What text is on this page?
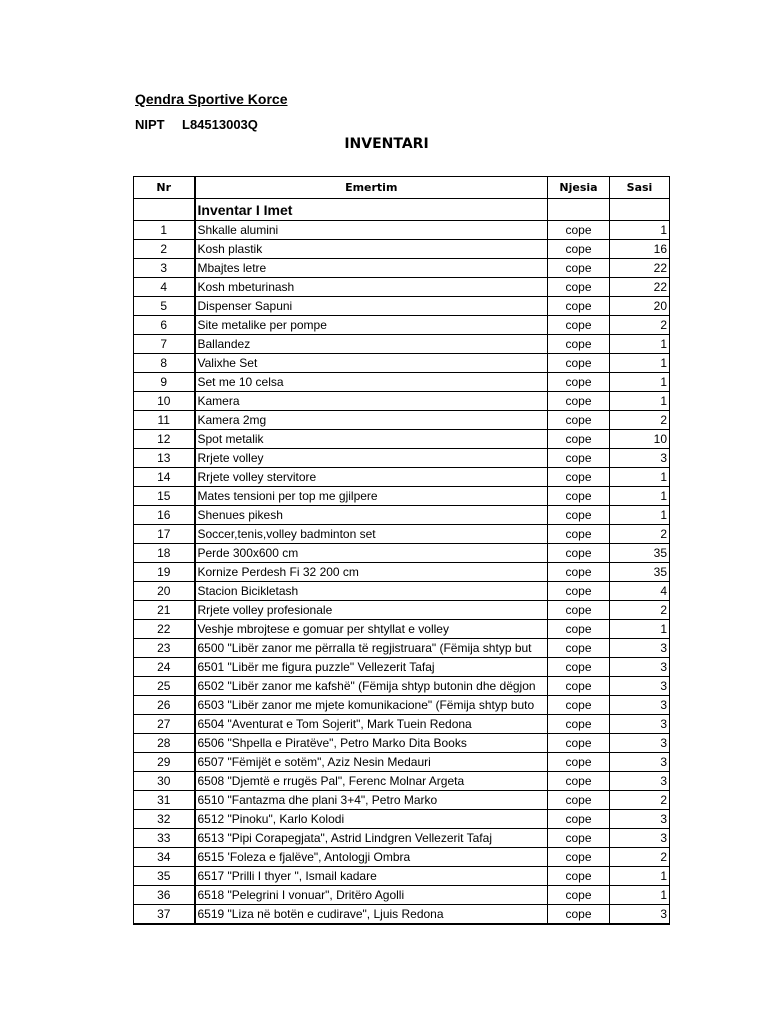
Qendra Sportive Korce
NIPT L84513003Q
INVENTARI
Nr	Emertim	Njesia	Sasi
	Inventar I Imet		
1	Shkalle alumini	cope	1
2	Kosh plastik	cope	16
3	Mbajtes letre	cope	22
4	Kosh mbeturinash	cope	22
5	Dispenser Sapuni	cope	20
6	Site metalike per pompe	cope	2
7	Ballandez	cope	1
8	Valixhe Set	cope	1
9	Set me 10 celsa	cope	1
10	Kamera	cope	1
11	Kamera 2mg	cope	2
12	Spot metalik	cope	10
13	Rrjete volley	cope	3
14	Rrjete volley stervitore	cope	1
15	Mates tensioni per top me gjilpere	cope	1
16	Shenues pikesh	cope	1
17	Soccer,tenis,volley badminton set	cope	2
18	Perde 300x600 cm	cope	35
19	Kornize Perdesh Fi 32 200 cm	cope	35
20	Stacion Bicikletash	cope	4
21	Rrjete volley profesionale	cope	2
22	Veshje mbrojtese e gomuar per shtyllat e volley	cope	1
23	6500 "Libër zanor me përralla të regjistruara" (Fëmija shtyp but	cope	3
24	6501 "Libër me figura puzzle" Vellezerit Tafaj	cope	3
25	6502 "Libër zanor me kafshë" (Fëmija shtyp butonin dhe dëgjon	cope	3
26	6503 "Libër zanor me mjete komunikacione" (Fëmija shtyp buto	cope	3
27	6504 "Aventurat e Tom Sojerit", Mark Tuein Redona	cope	3
28	6506 "Shpella e Piratëve", Petro Marko Dita Books	cope	3
29	6507 "Fëmijët e sotëm", Aziz Nesin Medauri	cope	3
30	6508 "Djemtë e rrugës Pal", Ferenc Molnar Argeta	cope	3
31	6510 "Fantazma dhe plani 3+4", Petro Marko	cope	2
32	6512 "Pinoku", Karlo Kolodi	cope	3
33	6513 "Pipi Corapegjata", Astrid Lindgren Vellezerit Tafaj	cope	3
34	6515 'Foleza e fjalëve", Antologji Ombra	cope	2
35	6517 "Prilli I thyer ", Ismail kadare	cope	1
36	6518 "Pelegrini I vonuar", Dritëro Agolli	cope	1
37	6519 "Liza në botën e cudirave", Ljuis Redona	cope	3
